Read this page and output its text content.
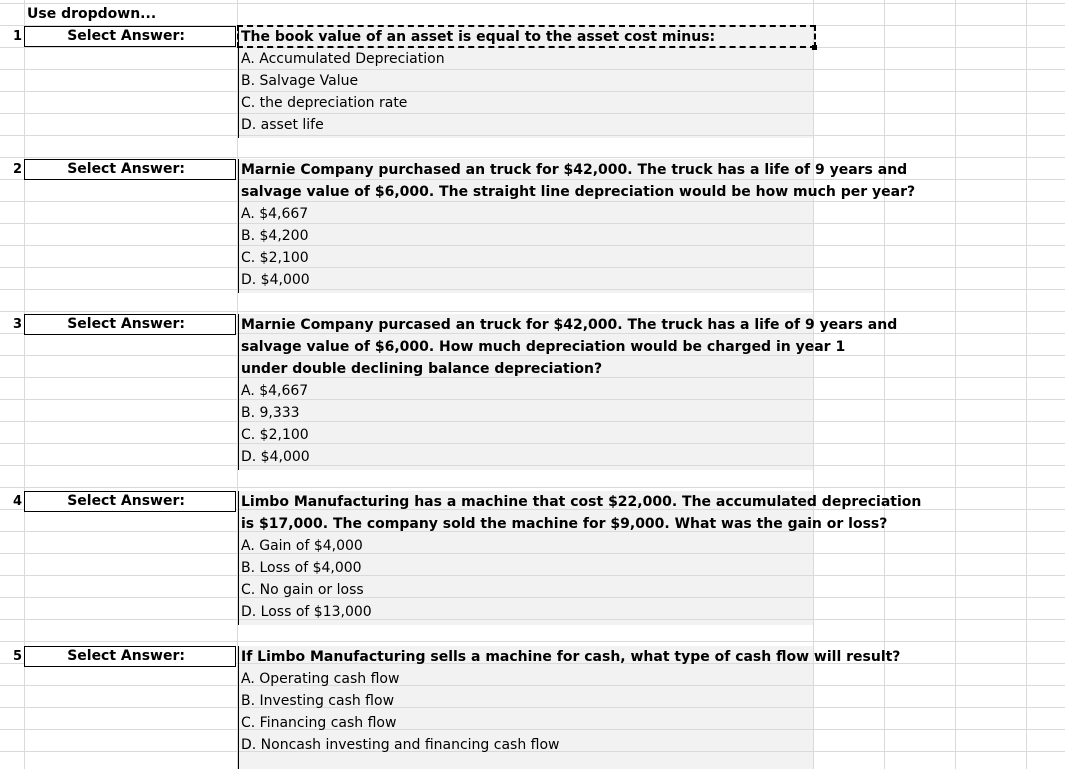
Use dropdown...
1	Select Answer:	The book value of an asset is equal to the asset cost minus:
A. Accumulated Depreciation
B. Salvage Value
C. the depreciation rate
D. asset life
2	Select Answer:	Marnie Company purchased an truck for $42,000. The truck has a life of 9 years and
salvage value of $6,000. The straight line depreciation would be how much per year?
A. $4,667
B. $4,200
C. $2,100
D. $4,000
3	Select Answer:	Marnie Company purcased an truck for $42,000. The truck has a life of 9 years and
salvage value of $6,000. How much depreciation would be charged in year 1
under double declining balance depreciation?
A. $4,667
B. 9,333
C. $2,100
D. $4,000
4	Select Answer:	Limbo Manufacturing has a machine that cost $22,000. The accumulated depreciation
is $17,000. The company sold the machine for $9,000. What was the gain or loss?
A. Gain of $4,000
B. Loss of $4,000
C. No gain or loss
D. Loss of $13,000
5	Select Answer:	If Limbo Manufacturing sells a machine for cash, what type of cash flow will result?
A. Operating cash flow
B. Investing cash flow
C. Financing cash flow
D. Noncash investing and financing cash flow
